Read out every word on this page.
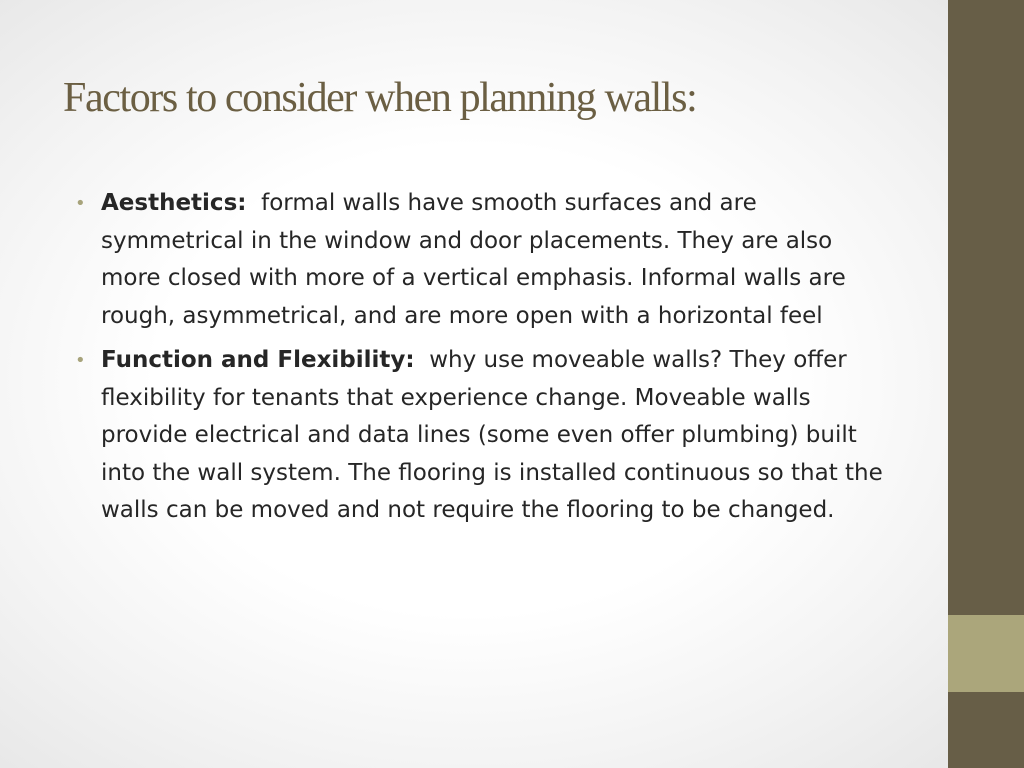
Factors to consider when planning walls:
• Aesthetics: formal walls have smooth surfaces and are symmetrical in the window and door placements. They are also more closed with more of a vertical emphasis. Informal walls are rough, asymmetrical, and are more open with a horizontal feel
• Function and Flexibility: why use moveable walls? They offer flexibility for tenants that experience change. Moveable walls provide electrical and data lines (some even offer plumbing) built into the wall system. The flooring is installed continuous so that the walls can be moved and not require the flooring to be changed.
